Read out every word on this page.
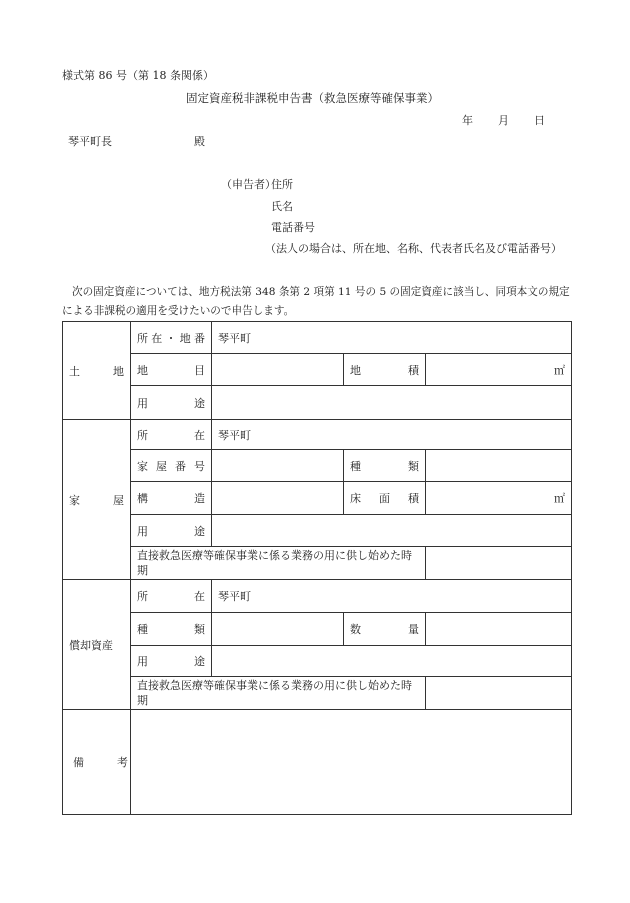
様式第 86 号（第 18 条関係）
固定資産税非課税申告書（救急医療等確保事業）
年 月 日
琴平町長	殿
（申告者）
住所
氏名
電話番号
（法人の場合は、所在地、名称、代表者氏名及び電話番号）
次の固定資産については、地方税法第 348 条第 2 項第 11 号の 5 の固定資産に該当し、同項本文の規定
による非課税の適用を受けたいので申告します。
土 地	所 在 ・ 地 番	琴平町		

	地 目		地 積	㎡

	用 途			

家 屋	所 在	琴平町		

	家 屋 番 号		種 類	

	構 造		床 面 積	㎡

	用 途			

	直接救急医療等確保事業に係る業務の用に供し始めた時期			
償却資産	所 在	琴平町		

	種 類		数 量	

	用 途			

	直接救急医療等確保事業に係る業務の用に供し始めた時期			

備 考				
